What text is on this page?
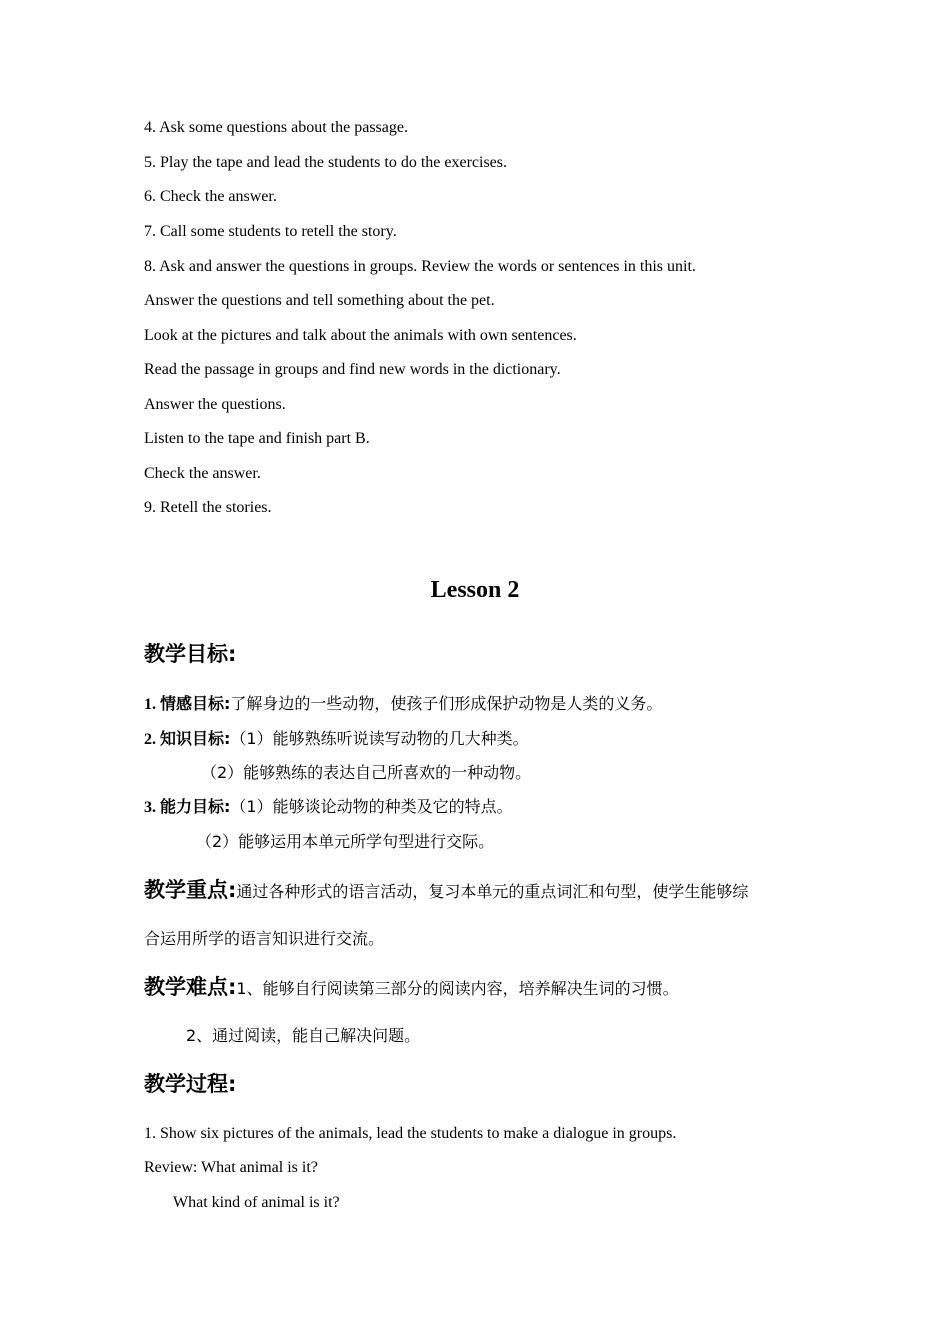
4. Ask some questions about the passage.
5. Play the tape and lead the students to do the exercises.
6. Check the answer.
7. Call some students to retell the story.
8. Ask and answer the questions in groups. Review the words or sentences in this unit.
Answer the questions and tell something about the pet.
Look at the pictures and talk about the animals with own sentences.
Read the passage in groups and find new words in the dictionary.
Answer the questions.
Listen to the tape and finish part B.
Check the answer.
9. Retell the stories.
Lesson 2
教学目标:
1. 情感目标:了解身边的一些动物，使孩子们形成保护动物是人类的义务。
2. 知识目标:（1）能够熟练听说读写动物的几大种类。
（2）能够熟练的表达自己所喜欢的一种动物。
3. 能力目标:（1）能够谈论动物的种类及它的特点。
（2）能够运用本单元所学句型进行交际。
教学重点:通过各种形式的语言活动，复习本单元的重点词汇和句型，使学生能够综
合运用所学的语言知识进行交流。
教学难点:1、能够自行阅读第三部分的阅读内容，培养解决生词的习惯。
2、通过阅读，能自己解决问题。
教学过程:
1. Show six pictures of the animals, lead the students to make a dialogue in groups.
Review: What animal is it?
What kind of animal is it?
